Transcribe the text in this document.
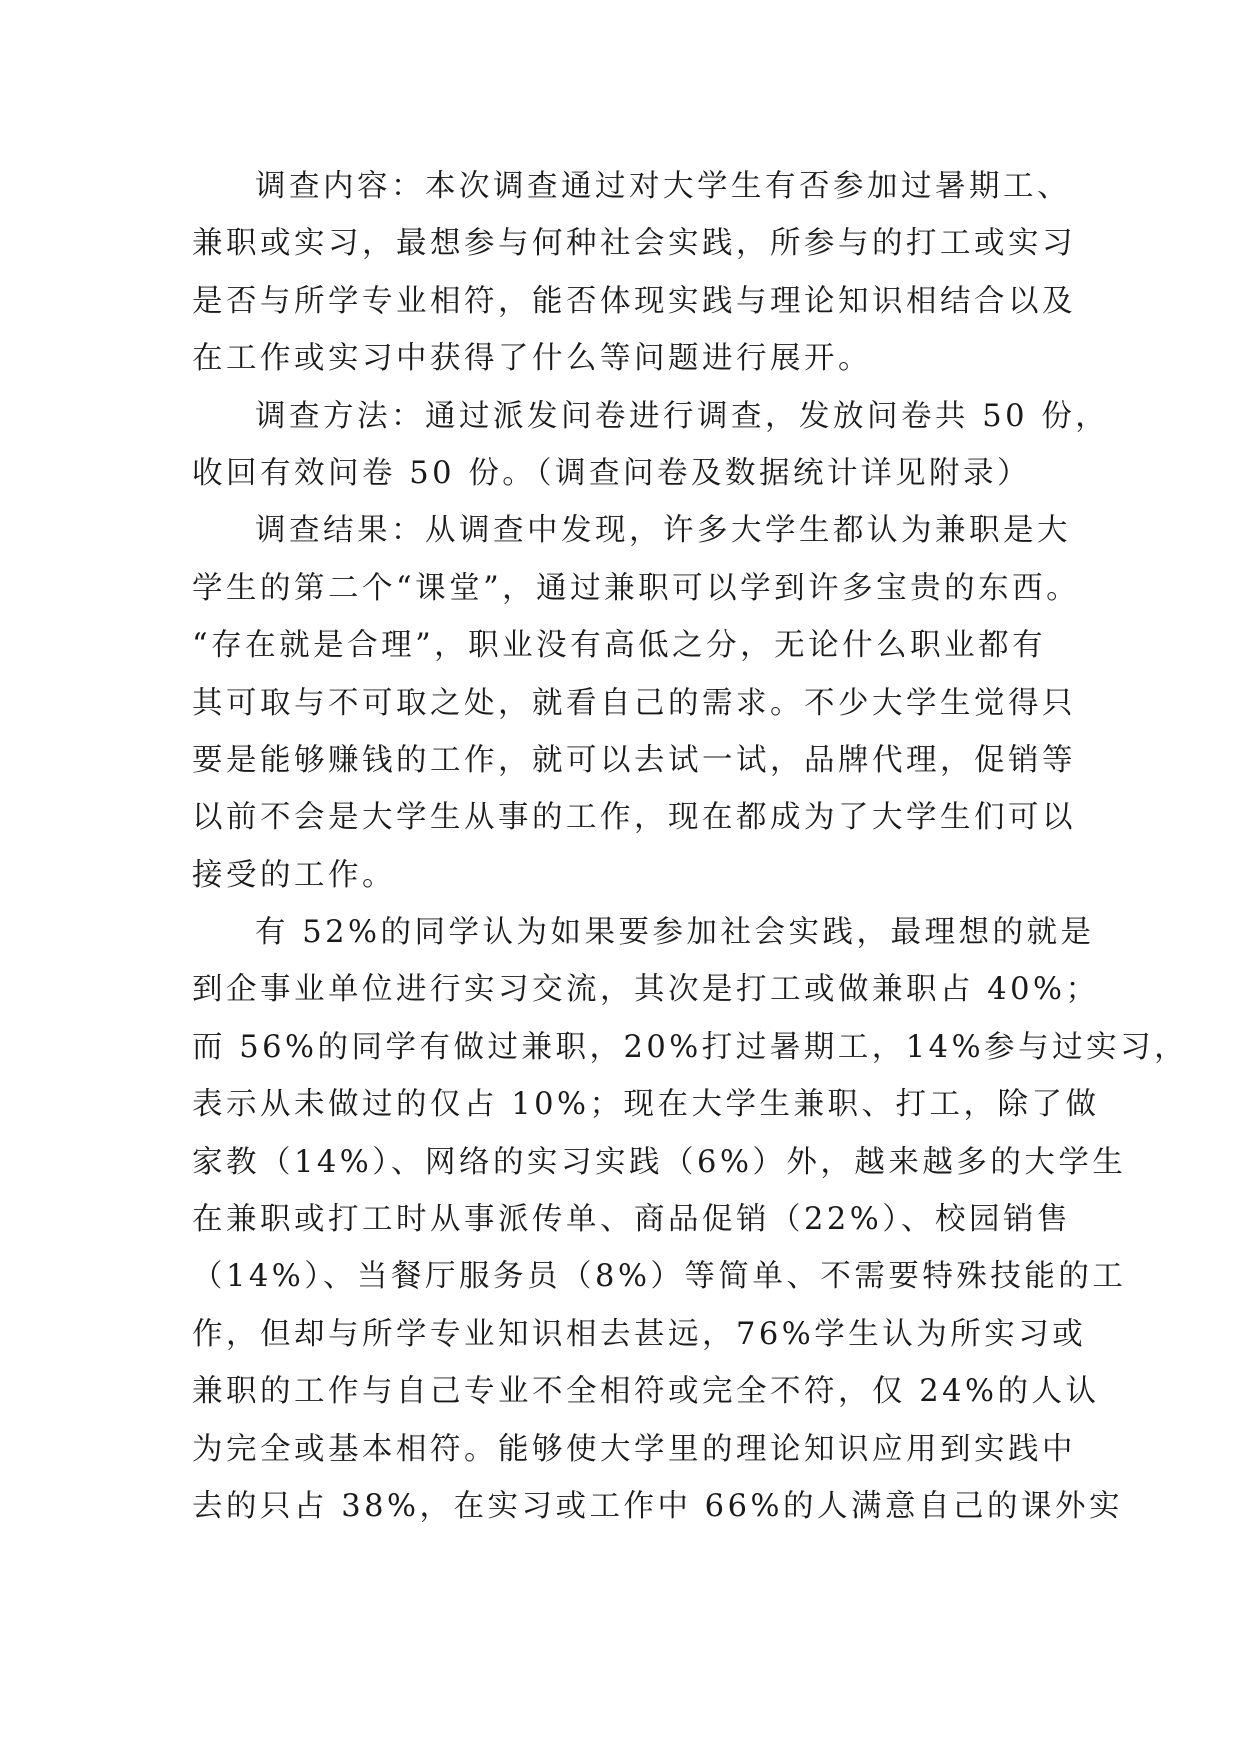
调查内容：本次调查通过对大学生有否参加过暑期工、
兼职或实习，最想参与何种社会实践，所参与的打工或实习
是否与所学专业相符，能否体现实践与理论知识相结合以及
在工作或实习中获得了什么等问题进行展开。
调查方法：通过派发问卷进行调查，发放问卷共 50 份，
收回有效问卷 50 份。（调查问卷及数据统计详见附录）
调查结果：从调查中发现，许多大学生都认为兼职是大
学生的第二个“课堂”，通过兼职可以学到许多宝贵的东西。
“存在就是合理”，职业没有高低之分，无论什么职业都有
其可取与不可取之处，就看自己的需求。不少大学生觉得只
要是能够赚钱的工作，就可以去试一试，品牌代理，促销等
以前不会是大学生从事的工作，现在都成为了大学生们可以
接受的工作。
有 52%的同学认为如果要参加社会实践，最理想的就是
到企事业单位进行实习交流，其次是打工或做兼职占 40%；
而 56%的同学有做过兼职，20%打过暑期工，14%参与过实习，
表示从未做过的仅占 10%；现在大学生兼职、打工，除了做
家教（14%）、网络的实习实践（6%）外，越来越多的大学生
在兼职或打工时从事派传单、商品促销（22%）、校园销售
（14%）、当餐厅服务员（8%）等简单、不需要特殊技能的工
作，但却与所学专业知识相去甚远，76%学生认为所实习或
兼职的工作与自己专业不全相符或完全不符，仅 24%的人认
为完全或基本相符。能够使大学里的理论知识应用到实践中
去的只占 38%，在实习或工作中 66%的人满意自己的课外实
